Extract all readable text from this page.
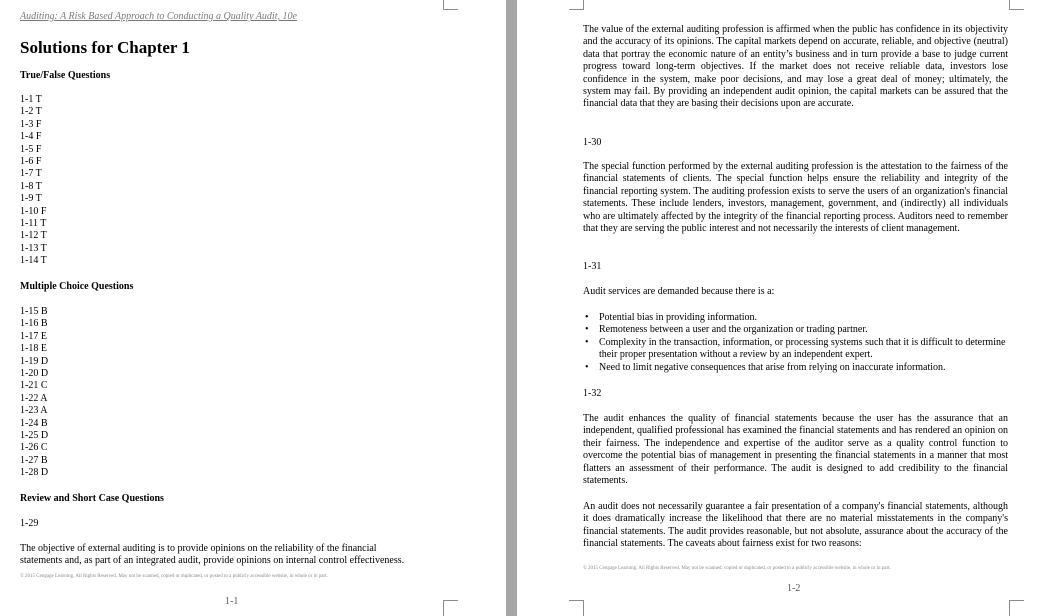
Auditing: A Risk Based Approach to Conducting a Quality Audit, 10e
Solutions for Chapter 1
True/False Questions
1-1 T
1-2 T
1-3 F
1-4 F
1-5 F
1-6 F
1-7 T
1-8 T
1-9 T
1-10 F
1-11 T
1-12 T
1-13 T
1-14 T
Multiple Choice Questions
1-15 B
1-16 B
1-17 E
1-18 E
1-19 D
1-20 D
1-21 C
1-22 A
1-23 A
1-24 B
1-25 D
1-26 C
1-27 B
1-28 D
Review and Short Case Questions
1-29
The objective of external auditing is to provide opinions on the reliability of the financial
statements and, as part of an integrated audit, provide opinions on internal control effectiveness.
© 2015 Cengage Learning. All Rights Reserved. May not be scanned, copied or duplicated, or posted to a publicly accessible website, in whole or in part.
1-1
The value of the external auditing profession is affirmed when the public has confidence in its objectivity and the accuracy of its opinions. The capital markets depend on accurate, reliable, and objective (neutral) data that portray the economic nature of an entity’s business and in turn provide a base to judge current progress toward long-term objectives. If the market does not receive reliable data, investors lose confidence in the system, make poor decisions, and may lose a great deal of money; ultimately, the system may fail. By providing an independent audit opinion, the capital markets can be assured that the financial data that they are basing their decisions upon are accurate.
1-30
The special function performed by the external auditing profession is the attestation to the fairness of the financial statements of clients. The special function helps ensure the reliability and integrity of the financial reporting system. The auditing profession exists to serve the users of an organization's financial statements. These include lenders, investors, management, government, and (indirectly) all individuals who are ultimately affected by the integrity of the financial reporting process. Auditors need to remember that they are serving the public interest and not necessarily the interests of client management.
1-31
Audit services are demanded because there is a:
• Potential bias in providing information.
• Remoteness between a user and the organization or trading partner.
• Complexity in the transaction, information, or processing systems such that it is difficult to determine their proper presentation without a review by an independent expert.
• Need to limit negative consequences that arise from relying on inaccurate information.
1-32
The audit enhances the quality of financial statements because the user has the assurance that an independent, qualified professional has examined the financial statements and has rendered an opinion on their fairness. The independence and expertise of the auditor serve as a quality control function to overcome the potential bias of management in presenting the financial statements in a manner that most flatters an assessment of their performance. The audit is designed to add credibility to the financial statements.
An audit does not necessarily guarantee a fair presentation of a company's financial statements, although it does dramatically increase the likelihood that there are no material misstatements in the company's financial statements. The audit provides reasonable, but not absolute, assurance about the accuracy of the financial statements. The caveats about fairness exist for two reasons:
© 2015 Cengage Learning. All Rights Reserved. May not be scanned, copied or duplicated, or posted to a publicly accessible website, in whole or in part.
1-2
